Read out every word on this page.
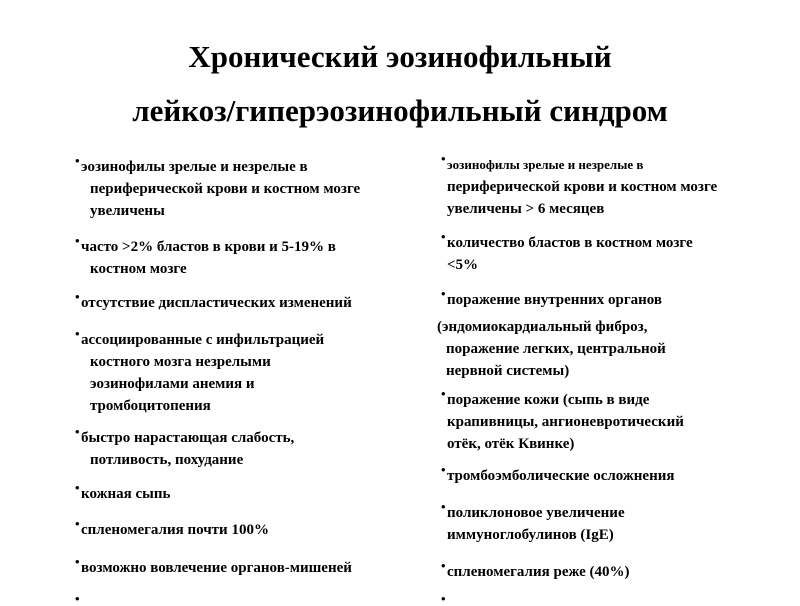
Хронический эозинофильный
лейкоз/гиперэозинофильный синдром
• эозинофилы зрелые и незрелые в
периферической крови и костном мозге
увеличены
• часто >2% бластов в крови и 5-19% в
костном мозге
• отсутствие диспластических изменений
• ассоциированные с инфильтрацией
костного мозга незрелыми
эозинофилами анемия и
тромбоцитопения
• быстро нарастающая слабость,
потливость, похудание
• кожная сыпь
• спленомегалия почти 100%
• возможно вовлечение органов-мишеней
• эозинофилы зрелые и незрелые в
периферической крови и костном мозге
увеличены > 6 месяцев
• количество бластов в костном мозге
<5%
• поражение внутренних органов
(эндомиокардиальный фиброз,
поражение легких, центральной
нервной системы)
• поражение кожи (сыпь в виде
крапивницы, ангионевротический
отёк, отёк Квинке)
• тромбоэмболические осложнения
• поликлоновое увеличение
иммуноглобулинов (IgE)
• спленомегалия реже (40%)
•	•
